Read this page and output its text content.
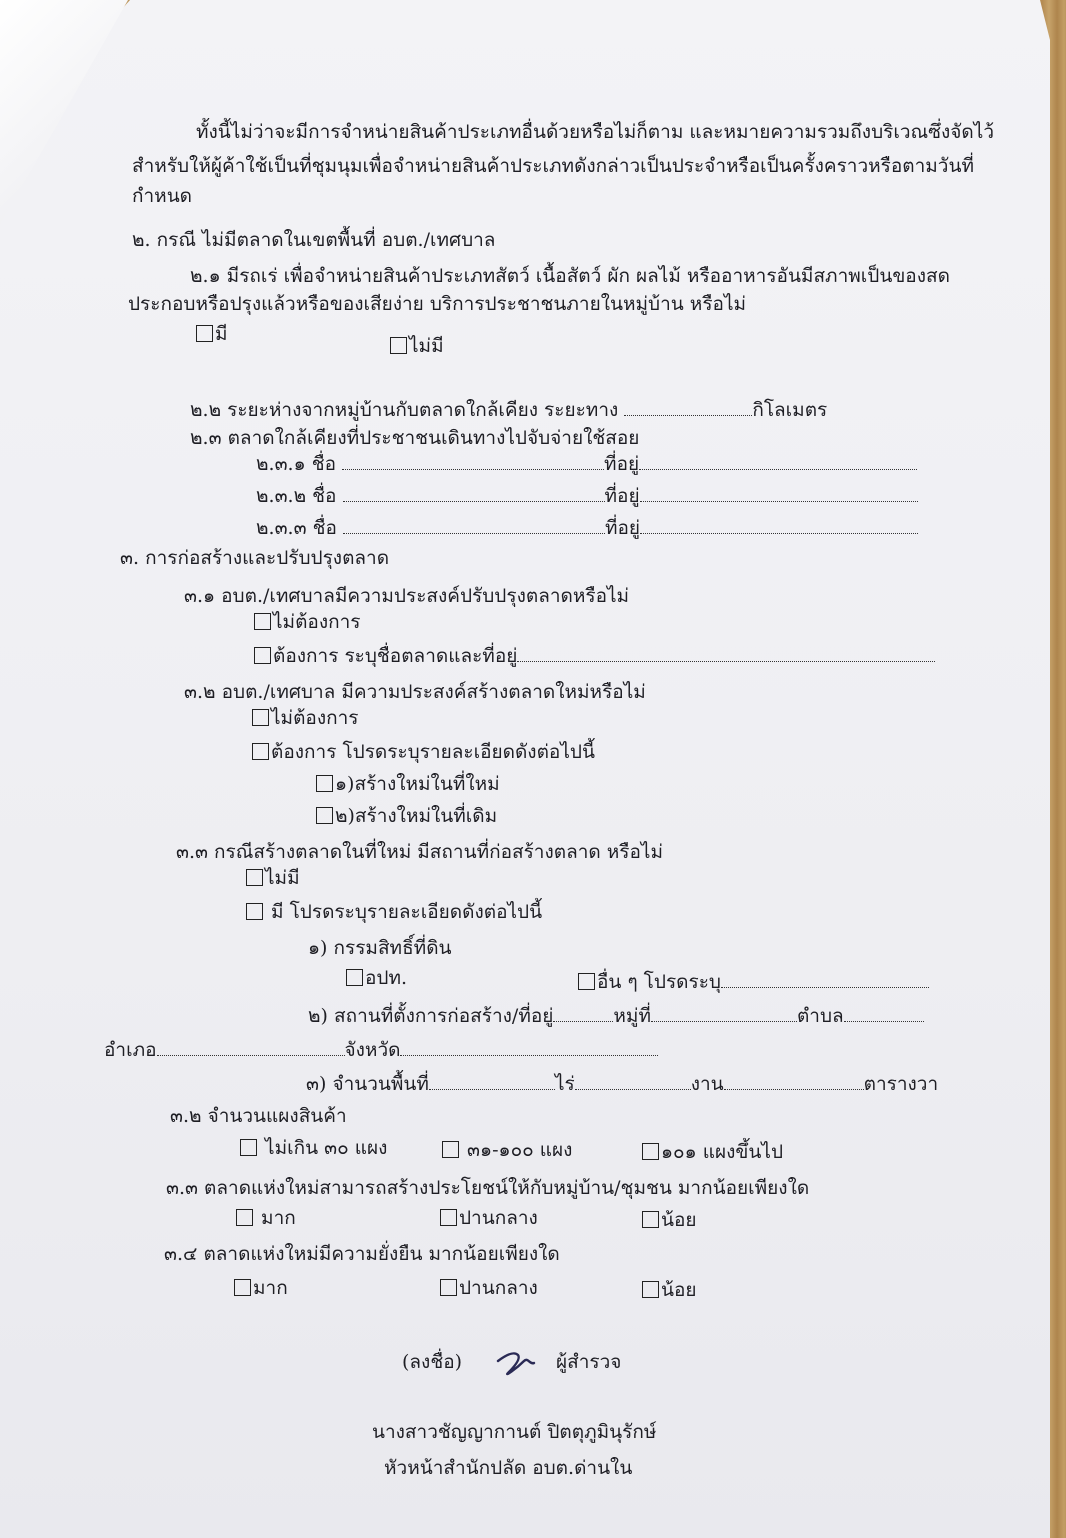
ทั้งนี้ไม่ว่าจะมีการจำหน่ายสินค้าประเภทอื่นด้วยหรือไม่ก็ตาม และหมายความรวมถึงบริเวณซึ่งจัดไว้
สำหรับให้ผู้ค้าใช้เป็นที่ชุมนุมเพื่อจำหน่ายสินค้าประเภทดังกล่าวเป็นประจำหรือเป็นครั้งคราวหรือตามวันที่
กำหนด
๒. กรณี ไม่มีตลาดในเขตพื้นที่ อบต./เทศบาล
๒.๑ มีรถเร่ เพื่อจำหน่ายสินค้าประเภทสัตว์ เนื้อสัตว์ ผัก ผลไม้ หรืออาหารอันมีสภาพเป็นของสด
ประกอบหรือปรุงแล้วหรือของเสียง่าย บริการประชาชนภายในหมู่บ้าน หรือไม่
มี
ไม่มี
๒.๒ ระยะห่างจากหมู่บ้านกับตลาดใกล้เคียง ระยะทาง	กิโลเมตร
๒.๓ ตลาดใกล้เคียงที่ประชาชนเดินทางไปจับจ่ายใช้สอย
๒.๓.๑ ชื่อ	ที่อยู่
๒.๓.๒ ชื่อ	ที่อยู่
๒.๓.๓ ชื่อ	ที่อยู่
๓. การก่อสร้างและปรับปรุงตลาด
๓.๑ อบต./เทศบาลมีความประสงค์ปรับปรุงตลาดหรือไม่
ไม่ต้องการ
ต้องการ ระบุชื่อตลาดและที่อยู่
๓.๒ อบต./เทศบาล มีความประสงค์สร้างตลาดใหม่หรือไม่
ไม่ต้องการ
ต้องการ โปรดระบุรายละเอียดดังต่อไปนี้
๑)สร้างใหม่ในที่ใหม่
๒)สร้างใหม่ในที่เดิม
๓.๓ กรณีสร้างตลาดในที่ใหม่ มีสถานที่ก่อสร้างตลาด หรือไม่
ไม่มี
มี โปรดระบุรายละเอียดดังต่อไปนี้
๑) กรรมสิทธิ์ที่ดิน
อปท.	อื่น ๆ โปรดระบุ
๒) สถานที่ตั้งการก่อสร้าง/ที่อยู่	หมู่ที่	ตำบล
อำเภอ	จังหวัด
๓) จำนวนพื้นที่	ไร่	งาน	ตารางวา
๓.๒ จำนวนแผงสินค้า
ไม่เกิน ๓๐ แผง	๓๑-๑๐๐ แผง	๑๐๑ แผงขึ้นไป
๓.๓ ตลาดแห่งใหม่สามารถสร้างประโยชน์ให้กับหมู่บ้าน/ชุมชน มากน้อยเพียงใด
มาก	ปานกลาง	น้อย
๓.๔ ตลาดแห่งใหม่มีความยั่งยืน มากน้อยเพียงใด
มาก	ปานกลาง	น้อย
(ลงชื่อ)	ผู้สำรวจ
นางสาวชัญญากานต์ ปิตตุภูมินุรักษ์
หัวหน้าสำนักปลัด อบต.ด่านใน
